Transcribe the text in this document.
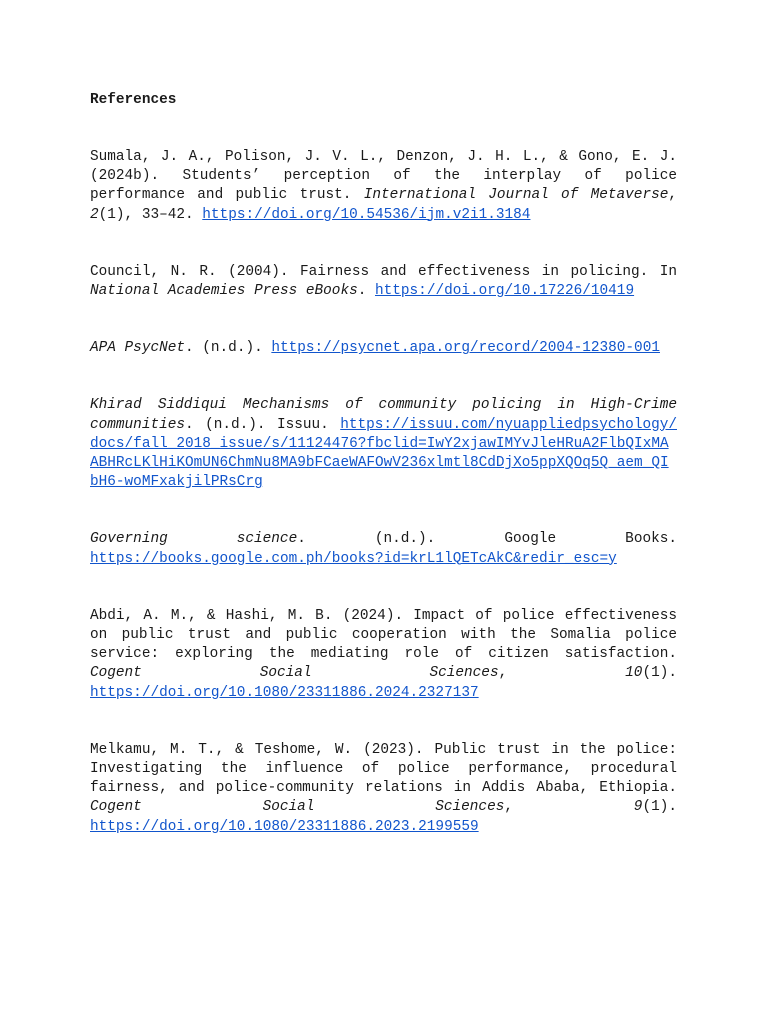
References

Sumala, J. A., Polison, J. V. L., Denzon, J. H. L., & Gono, E. J. (2024b). Students’ perception of the interplay of police performance and public trust. International Journal of Metaverse, 2(1), 33–42. https://doi.org/10.54536/ijm.v2i1.3184

Council, N. R. (2004). Fairness and effectiveness in policing. In National Academies Press eBooks. https://doi.org/10.17226/10419

APA PsycNet. (n.d.). https://psycnet.apa.org/record/2004-12380-001

Khirad Siddiqui Mechanisms of community policing in High-Crime communities. (n.d.). Issuu. https://issuu.com/nyuappliedpsychology/docs/fall_2018_issue/s/11124476?fbclid=IwY2xjawIMYvJleHRuA2FlbQIxMAABHRcLKlHiKOmUN6ChmNu8MA9bFCaeWAFOwV236xlmtl8CdDjXo5ppXQOq5Q_aem_QIbH6-woMFxakjilPRsCrg

Governing science. (n.d.). Google Books. https://books.google.com.ph/books?id=krL1lQETcAkC&redir_esc=y

Abdi, A. M., & Hashi, M. B. (2024). Impact of police effectiveness on public trust and public cooperation with the Somalia police service: exploring the mediating role of citizen satisfaction. Cogent Social Sciences, 10(1). https://doi.org/10.1080/23311886.2024.2327137

Melkamu, M. T., & Teshome, W. (2023). Public trust in the police: Investigating the influence of police performance, procedural fairness, and police-community relations in Addis Ababa, Ethiopia. Cogent Social Sciences, 9(1). https://doi.org/10.1080/23311886.2023.2199559
